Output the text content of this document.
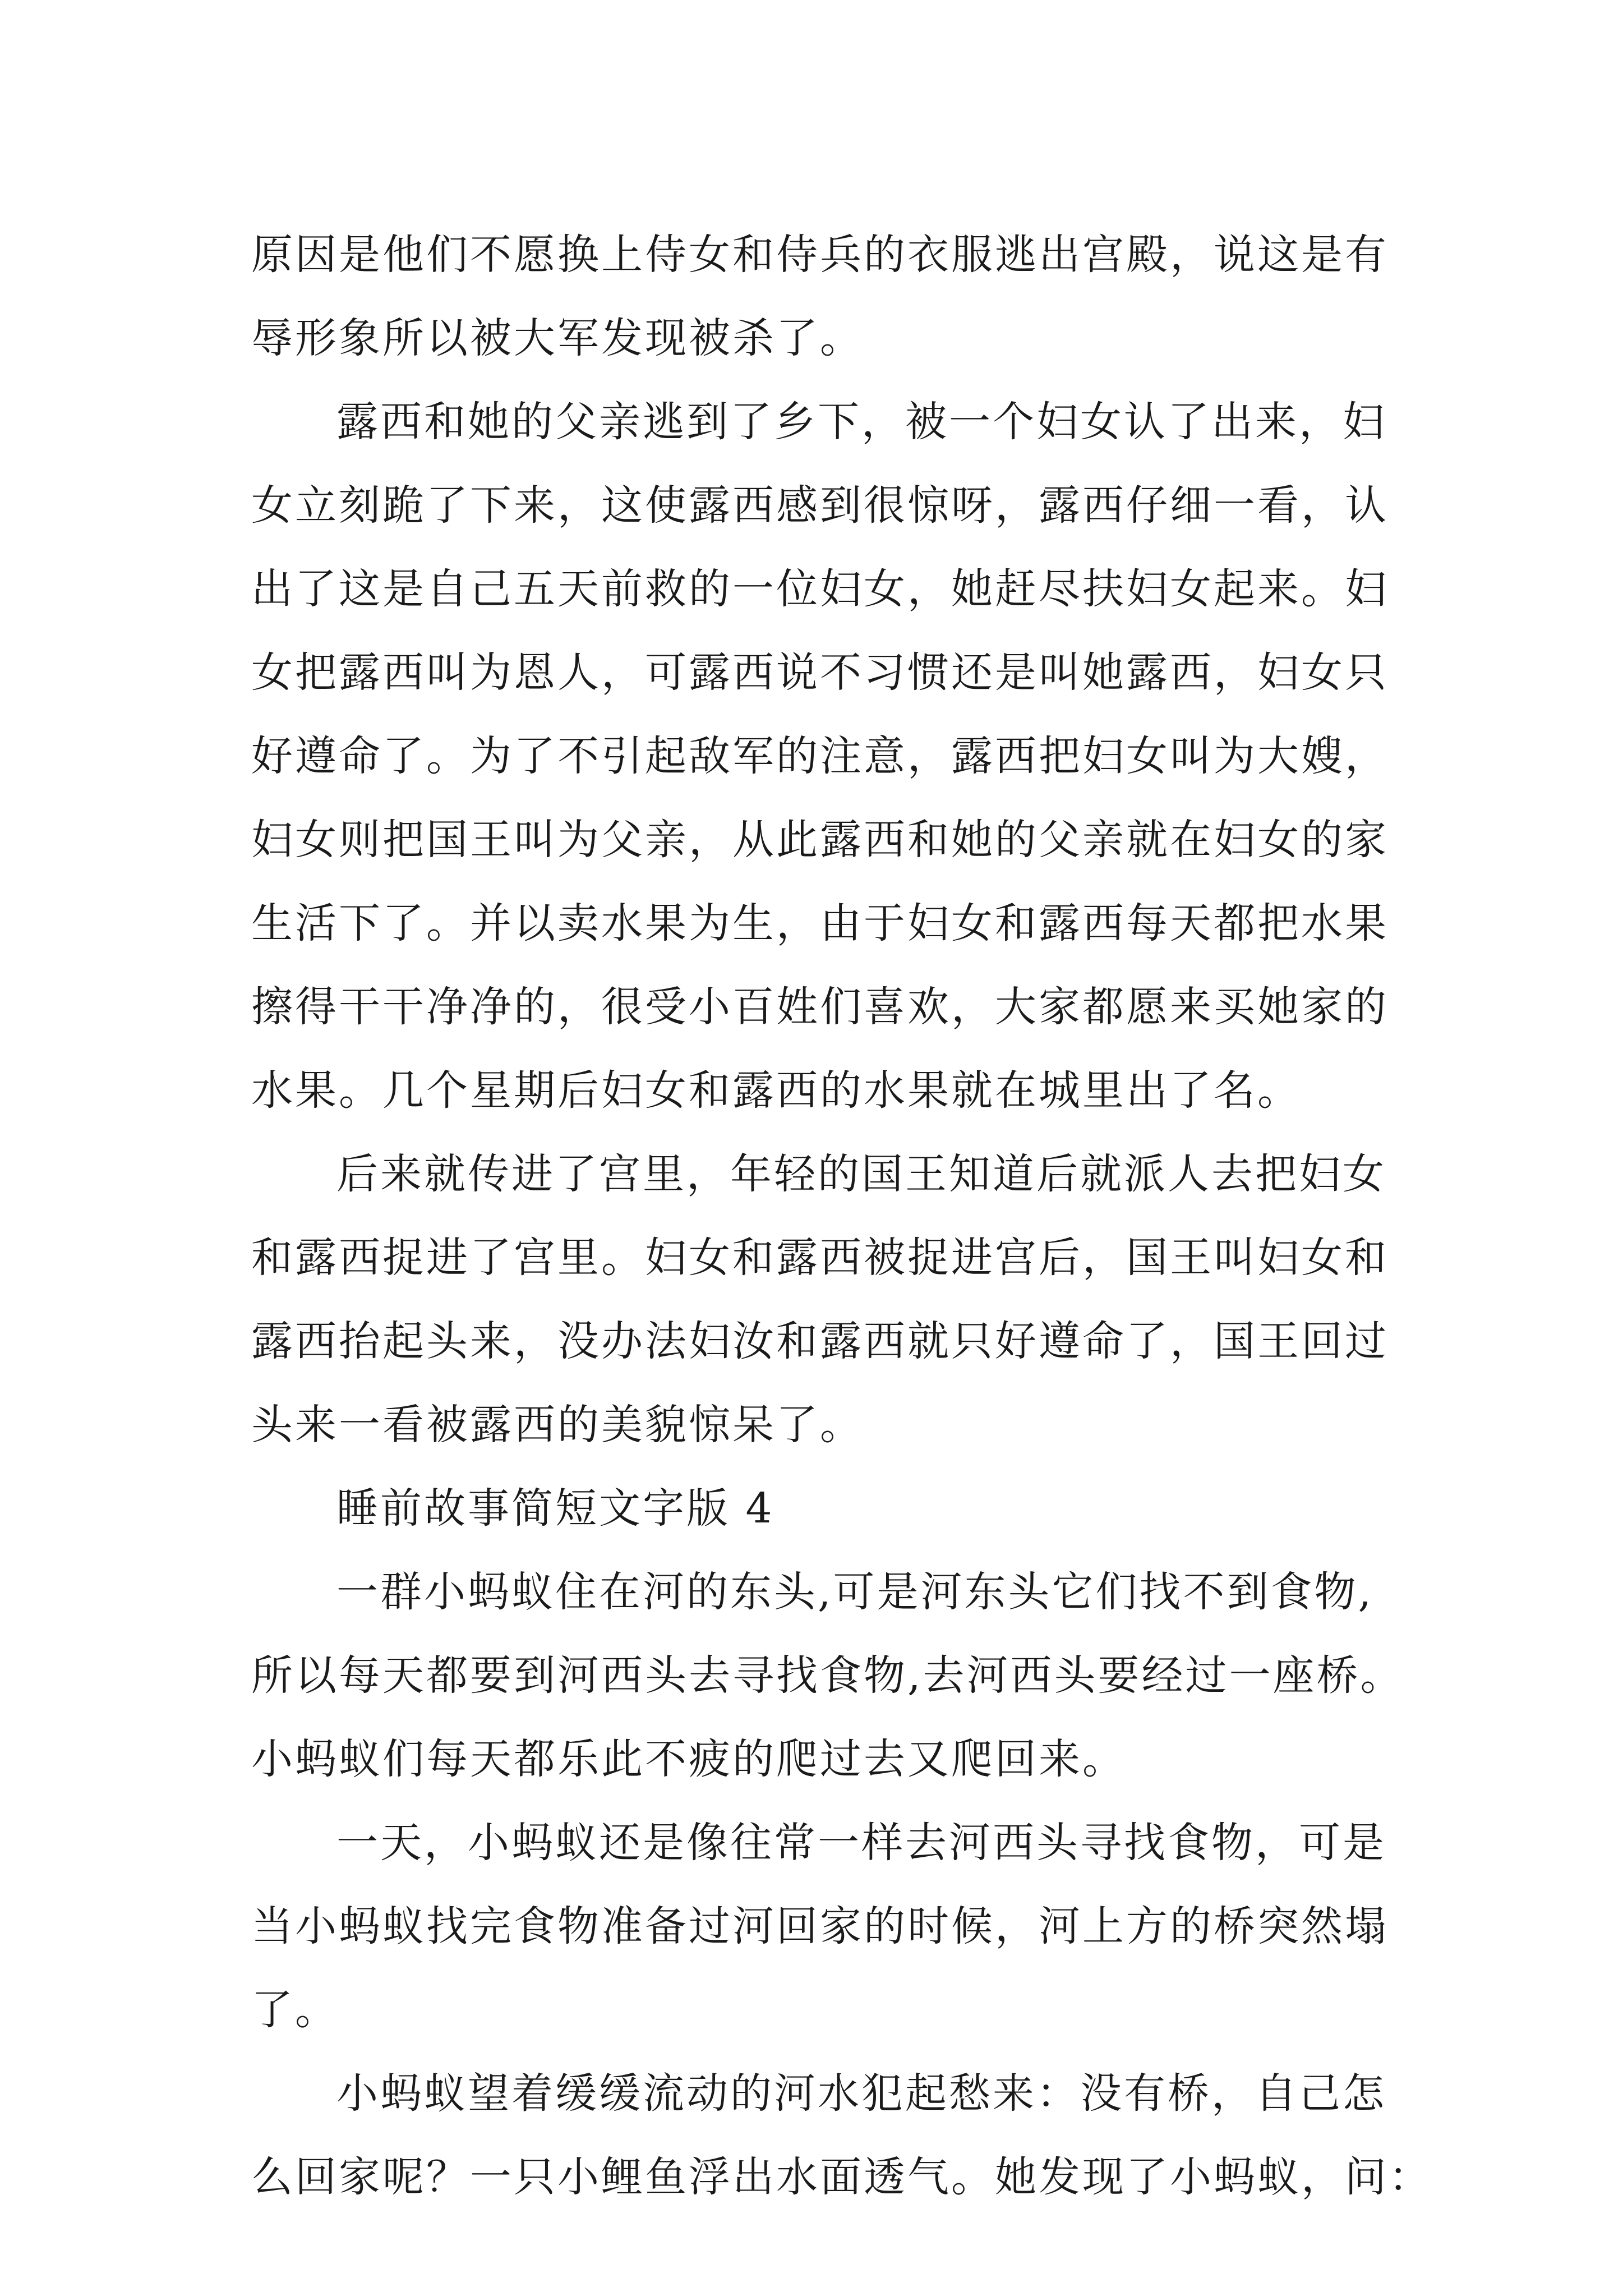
原因是他们不愿换上侍女和侍兵的衣服逃出宫殿，说这是有
辱形象所以被大军发现被杀了。
露西和她的父亲逃到了乡下，被一个妇女认了出来，妇
女立刻跪了下来，这使露西感到很惊呀，露西仔细一看，认
出了这是自己五天前救的一位妇女，她赶尽扶妇女起来。妇
女把露西叫为恩人，可露西说不习惯还是叫她露西，妇女只
好遵命了。为了不引起敌军的注意，露西把妇女叫为大嫂，
妇女则把国王叫为父亲，从此露西和她的父亲就在妇女的家
生活下了。并以卖水果为生，由于妇女和露西每天都把水果
擦得干干净净的，很受小百姓们喜欢，大家都愿来买她家的
水果。几个星期后妇女和露西的水果就在城里出了名。
后来就传进了宫里，年轻的国王知道后就派人去把妇女
和露西捉进了宫里。妇女和露西被捉进宫后，国王叫妇女和
露西抬起头来，没办法妇汝和露西就只好遵命了，国王回过
头来一看被露西的美貌惊呆了。
睡前故事简短文字版 4
一群小蚂蚁住在河的东头,可是河东头它们找不到食物,
所以每天都要到河西头去寻找食物,去河西头要经过一座桥。
小蚂蚁们每天都乐此不疲的爬过去又爬回来。
一天，小蚂蚁还是像往常一样去河西头寻找食物，可是
当小蚂蚁找完食物准备过河回家的时候，河上方的桥突然塌
了。
小蚂蚁望着缓缓流动的河水犯起愁来：没有桥，自己怎
么回家呢？一只小鲤鱼浮出水面透气。她发现了小蚂蚁，问：
